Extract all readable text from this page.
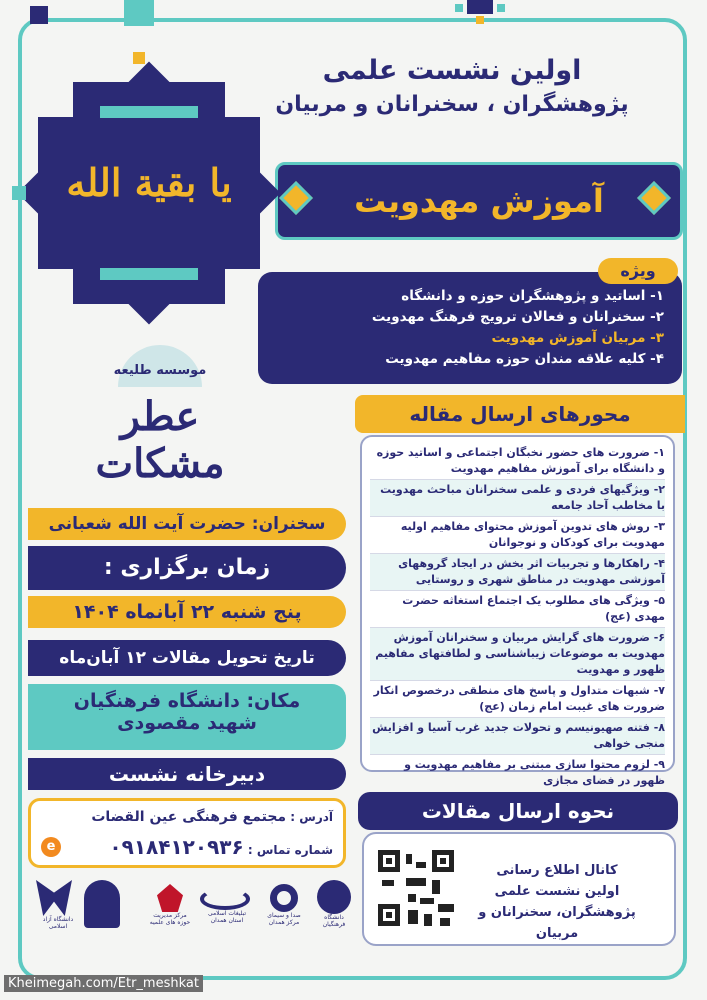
اولین نشست علمی
پژوهشگران ، سخنرانان و مربیان
آموزش مهدویت
یا بقیة الله
۱- اساتید و پژوهشگران حوزه و دانشگاه
۲- سخنرانان و فعالان ترویج فرهنگ مهدویت
۳- مربیان آموزش مهدویت
۴- کلیه علاقه مندان حوزه مفاهیم مهدویت
ویژه
موسسه طلیعه
عطر مشکات
محورهای ارسال مقاله
۱- ضرورت های حضور نخبگان اجتماعی و اساتید حوزه و دانشگاه برای آموزش مفاهیم مهدویت
۲- ویژگیهای فردی و علمی سخنرانان مباحث مهدویت با مخاطب آحاد جامعه
۳- روش های تدوین آموزش محتوای مفاهیم اولیه مهدویت برای کودکان و نوجوانان
۴- راهکارها و تجربیات اثر بخش در ایجاد گروههای آموزشی مهدویت در مناطق شهری و روستایی
۵- ویژگی های مطلوب یک اجتماع استغاثه حضرت مهدی (عج)
۶- ضرورت های گرایش مربیان و سخنرانان آموزش مهدویت به موضوعات زیباشناسی و لطافتهای مفاهیم ظهور و مهدویت
۷- شبهات متداول و پاسخ های منطقی درخصوص انکار ضرورت های غیبت امام زمان (عج)
۸- فتنه صهیونیسم و تحولات جدید غرب آسیا و افزایش منجی خواهی
۹- لزوم محتوا سازی مبتنی بر مفاهیم مهدویت و ظهور در فضای مجازی
سخنران: حضرت آیت الله شعبانی
زمان برگزاری :
پنج شنبه ۲۲ آبانماه ۱۴۰۴
تاریخ تحویل مقالات ۱۲ آبان‌ماه
مکان: دانشگاه فرهنگیان
شهید مقصودی
دبیرخانه نشست
آدرس : مجتمع فرهنگی عین القضات
شماره تماس : ۰۹۱۸۴۱۲۰۹۳۶
e
نحوه ارسال مقالات
کانال اطلاع رسانی
اولین نشست علمی
پژوهشگران، سخنرانان و مربیان
دانشگاه آزاد اسلامی
مرکز مدیریت حوزه های علمیه
تبلیغات اسلامی استان همدان
صدا و سیمای مرکز همدان
دانشگاه فرهنگیان
Kheimegah.com/Etr_meshkat
